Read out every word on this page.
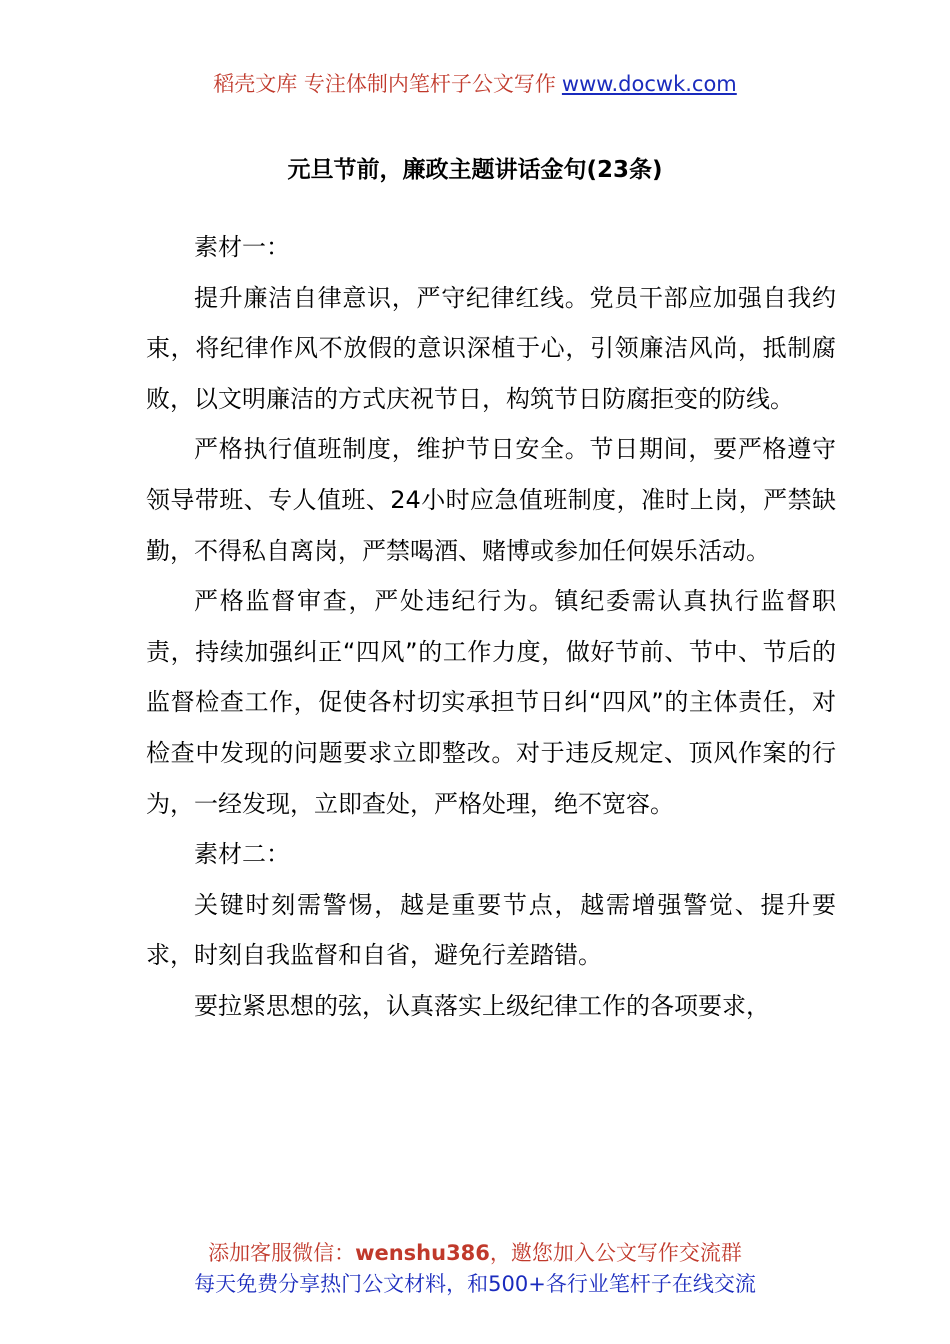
稻壳文库 专注体制内笔杆子公文写作 www.docwk.com
元旦节前，廉政主题讲话金句(23条)

素材一：

提升廉洁自律意识，严守纪律红线。党员干部应加强自我约束，将纪律作风不放假的意识深植于心，引领廉洁风尚，抵制腐败，以文明廉洁的方式庆祝节日，构筑节日防腐拒变的防线。

严格执行值班制度，维护节日安全。节日期间，要严格遵守领导带班、专人值班、24小时应急值班制度，准时上岗，严禁缺勤，不得私自离岗，严禁喝酒、赌博或参加任何娱乐活动。

严格监督审查，严处违纪行为。镇纪委需认真执行监督职责，持续加强纠正“四风”的工作力度，做好节前、节中、节后的监督检查工作，促使各村切实承担节日纠“四风”的主体责任，对检查中发现的问题要求立即整改。对于违反规定、顶风作案的行为，一经发现，立即查处，严格处理，绝不宽容。

素材二：

关键时刻需警惕，越是重要节点，越需增强警觉、提升要求，时刻自我监督和自省，避免行差踏错。

要拉紧思想的弦，认真落实上级纪律工作的各项要求，

添加客服微信：wenshu386，邀您加入公文写作交流群
每天免费分享热门公文材料，和500+各行业笔杆子在线交流
